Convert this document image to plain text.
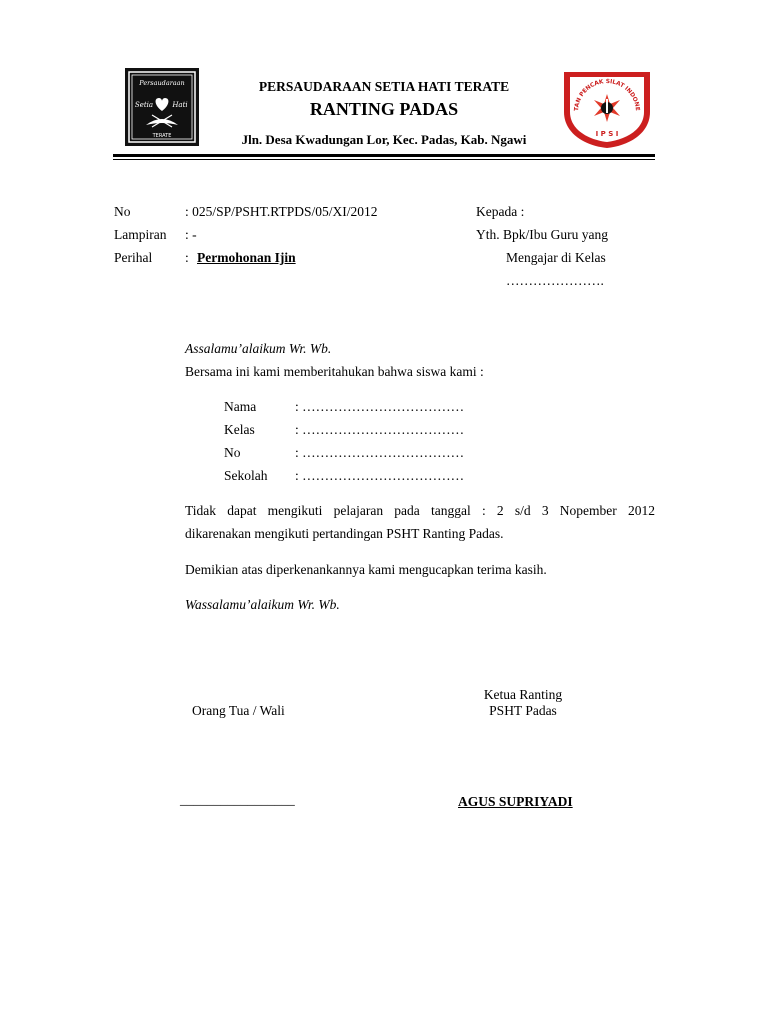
Persaudaraan
Setia	Hati
TERATE
PERSAUDARAAN SETIA HATI TERATE
RANTING PADAS
Jln. Desa Kwadungan Lor, Kec. Padas, Kab. Ngawi
TAN PENCAK SILAT INDONE
I P S I
No	: 025/SP/PSHT.RTPDS/05/XI/2012
Lampiran : -
Perihal : Permohonan Ijin
Kepada :
Yth. Bpk/Ibu Guru yang
Mengajar di Kelas
………………….
Assalamu’alaikum Wr. Wb.
Bersama ini kami memberitahukan bahwa siswa kami :
Nama	: ………………………………
Kelas	: ………………………………
No	: ………………………………
Sekolah : ………………………………
Tidak dapat mengikuti pelajaran pada tanggal : 2 s/d 3 Nopember 2012
dikarenakan mengikuti pertandingan PSHT Ranting Padas.
Demikian atas diperkenankannya kami mengucapkan terima kasih.
Wassalamu’alaikum Wr. Wb.
Orang Tua / Wali
_________________
Ketua Ranting
PSHT Padas
AGUS SUPRIYADI
